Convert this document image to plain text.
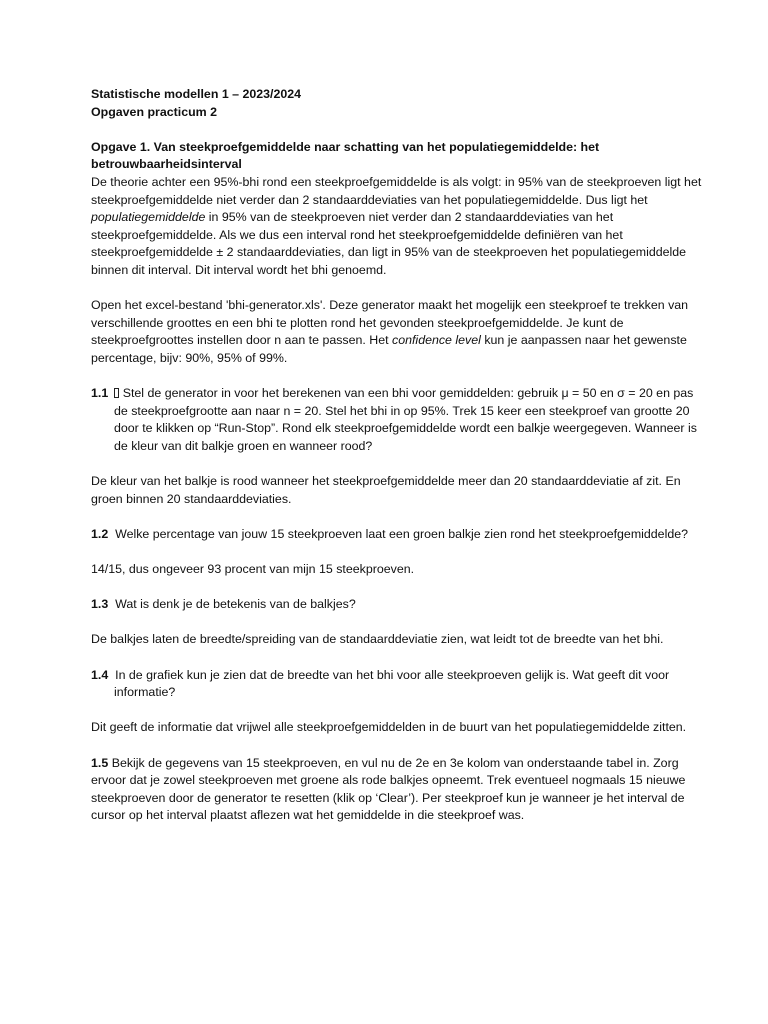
Statistische modellen 1 – 2023/2024

Opgaven practicum 2

Opgave 1. Van steekproefgemiddelde naar schatting van het populatiegemiddelde: het betrouwbaarheidsinterval

De theorie achter een 95%-bhi rond een steekproefgemiddelde is als volgt: in 95% van de steekproeven ligt het steekproefgemiddelde niet verder dan 2 standaarddeviaties van het populatiegemiddelde. Dus ligt het populatiegemiddelde in 95% van de steekproeven niet verder dan 2 standaarddeviaties van het steekproefgemiddelde. Als we dus een interval rond het steekproefgemiddelde definiëren van het steekproefgemiddelde ± 2 standaarddeviaties, dan ligt in 95% van de steekproeven het populatiegemiddelde binnen dit interval. Dit interval wordt het bhi genoemd.

Open het excel-bestand 'bhi-generator.xls'. Deze generator maakt het mogelijk een steekproef te trekken van verschillende groottes en een bhi te plotten rond het gevonden steekproefgemiddelde. Je kunt de steekproefgroottes instellen door n aan te passen. Het confidence level kun je aanpassen naar het gewenste percentage, bijv: 90%, 95% of 99%.

1.1 Stel de generator in voor het berekenen van een bhi voor gemiddelden: gebruik μ = 50 en σ = 20 en pas de steekproefgrootte aan naar n = 20. Stel het bhi in op 95%. Trek 15 keer een steekproef van grootte 20 door te klikken op “Run-Stop”. Rond elk steekproefgemiddelde wordt een balkje weergegeven. Wanneer is de kleur van dit balkje groen en wanneer rood?

De kleur van het balkje is rood wanneer het steekproefgemiddelde meer dan 20 standaarddeviatie af zit. En groen binnen 20 standaarddeviaties.

1.2 Welke percentage van jouw 15 steekproeven laat een groen balkje zien rond het steekproefgemiddelde?

14/15, dus ongeveer 93 procent van mijn 15 steekproeven.

1.3 Wat is denk je de betekenis van de balkjes?

De balkjes laten de breedte/spreiding van de standaarddeviatie zien, wat leidt tot de breedte van het bhi.

1.4 In de grafiek kun je zien dat de breedte van het bhi voor alle steekproeven gelijk is. Wat geeft dit voor informatie?

Dit geeft de informatie dat vrijwel alle steekproefgemiddelden in de buurt van het populatiegemiddelde zitten.

1.5 Bekijk de gegevens van 15 steekproeven, en vul nu de 2e en 3e kolom van onderstaande tabel in. Zorg ervoor dat je zowel steekproeven met groene als rode balkjes opneemt. Trek eventueel nogmaals 15 nieuwe steekproeven door de generator te resetten (klik op ‘Clear’). Per steekproef kun je wanneer je het interval de cursor op het interval plaatst aflezen wat het gemiddelde in die steekproef was.
